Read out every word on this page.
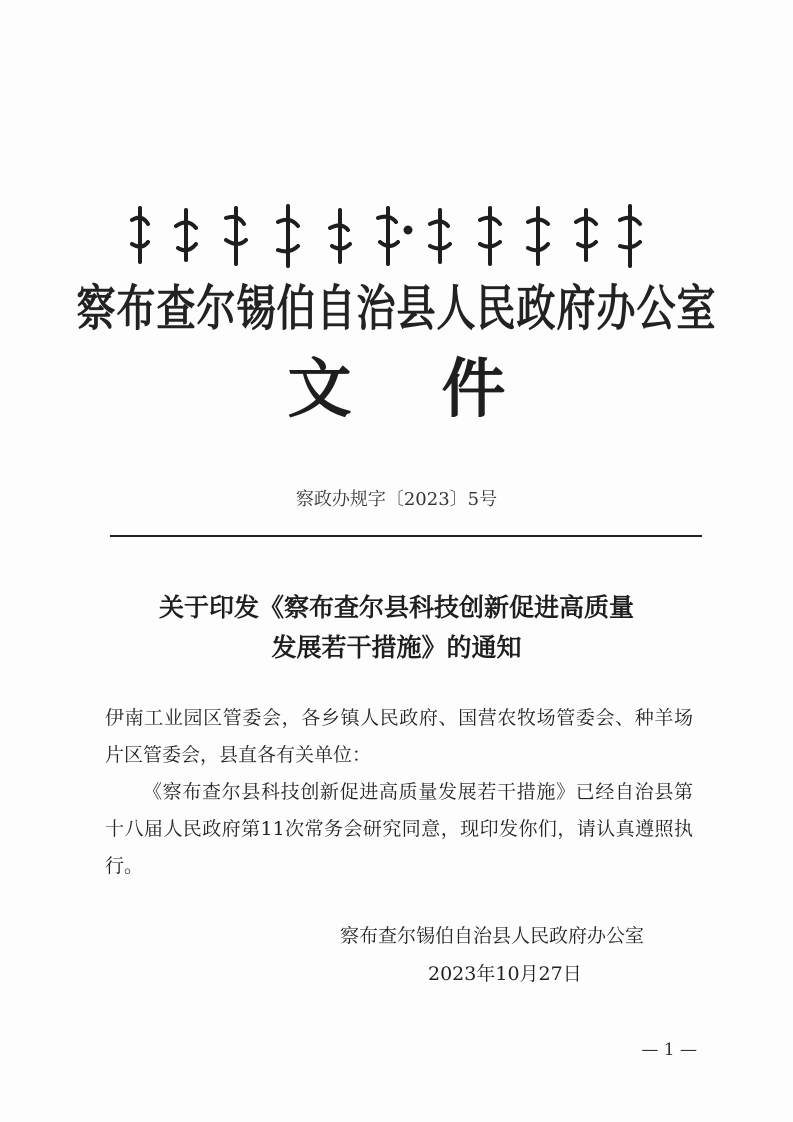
察布查尔锡伯自治县人民政府办公室
文件
察政办规字〔2023〕5号
关于印发《察布查尔县科技创新促进高质量
发展若干措施》的通知

伊南工业园区管委会，各乡镇人民政府、国营农牧场管委会、种羊场片区管委会，县直各有关单位：

《察布查尔县科技创新促进高质量发展若干措施》已经自治县第十八届人民政府第11次常务会研究同意，现印发你们，请认真遵照执行。

察布查尔锡伯自治县人民政府办公室
2023年10月27日
— 1 —
